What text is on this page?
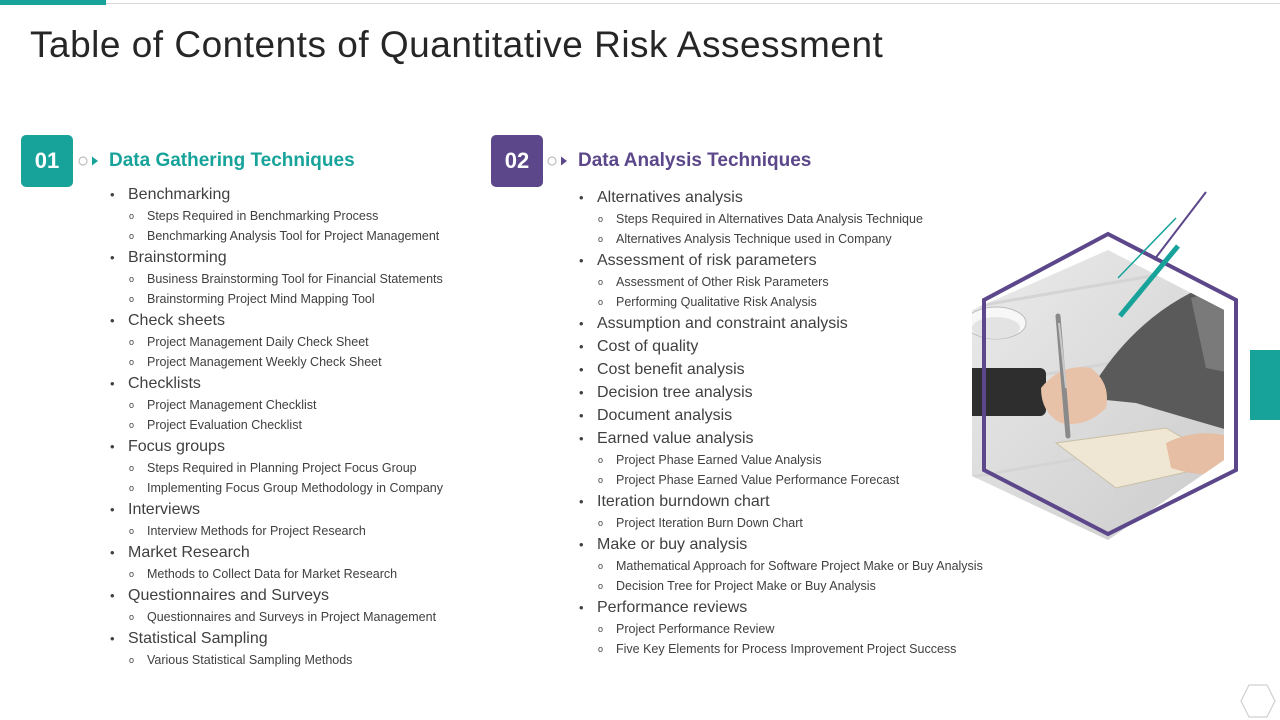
Table of Contents of Quantitative Risk Assessment
01	Data Gathering Techniques
• Benchmarking
o	Steps Required in Benchmarking Process
o	Benchmarking Analysis Tool for Project Management
• Brainstorming
o	Business Brainstorming Tool for Financial Statements
o	Brainstorming Project Mind Mapping Tool
• Check sheets
o	Project Management Daily Check Sheet
o	Project Management Weekly Check Sheet
• Checklists
o	Project Management Checklist
o	Project Evaluation Checklist
• Focus groups
o	Steps Required in Planning Project Focus Group
o	Implementing Focus Group Methodology in Company
• Interviews
o	Interview Methods for Project Research
• Market Research
o	Methods to Collect Data for Market Research
• Questionnaires and Surveys
o	Questionnaires and Surveys in Project Management
• Statistical Sampling
o	Various Statistical Sampling Methods
02	Data Analysis Techniques
• Alternatives analysis
o	Steps Required in Alternatives Data Analysis Technique
o	Alternatives Analysis Technique used in Company
• Assessment of risk parameters
o	Assessment of Other Risk Parameters
o	Performing Qualitative Risk Analysis
• Assumption and constraint analysis
• Cost of quality
• Cost benefit analysis
• Decision tree analysis
• Document analysis
• Earned value analysis
o	Project Phase Earned Value Analysis
o	Project Phase Earned Value Performance Forecast
• Iteration burndown chart
o	Project Iteration Burn Down Chart
• Make or buy analysis
o	Mathematical Approach for Software Project Make or Buy Analysis
o	Decision Tree for Project Make or Buy Analysis
• Performance reviews
o	Project Performance Review
o	Five Key Elements for Process Improvement Project Success
